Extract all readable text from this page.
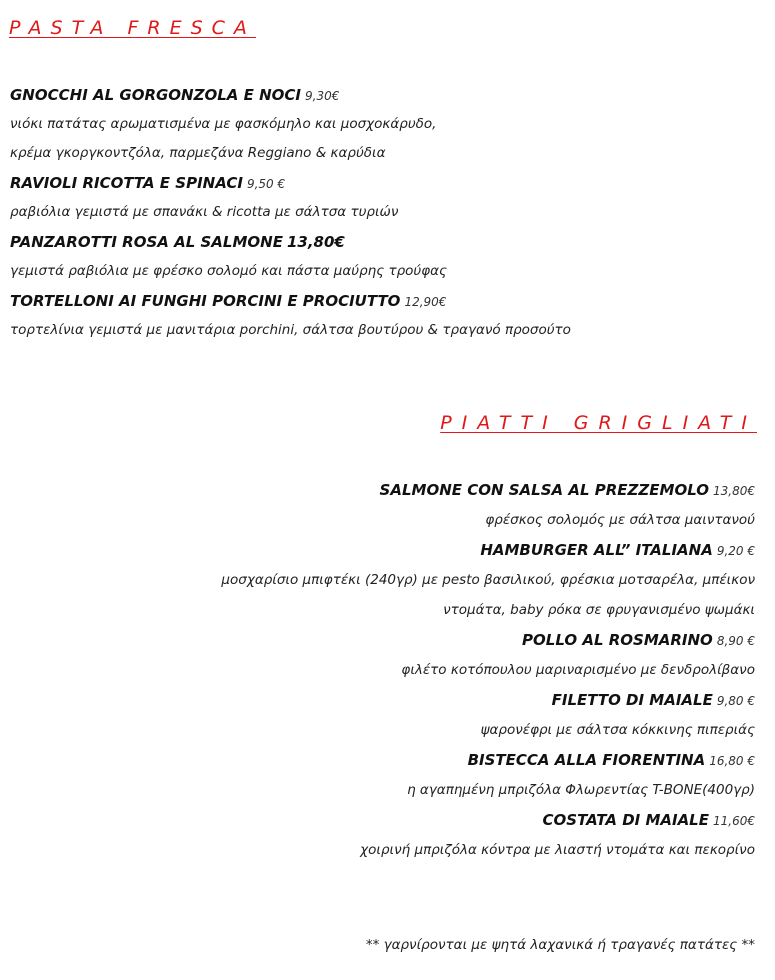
PASTA FRESCA
GNOCCHI AL GORGONZOLA E NOCI 9,30€
νιόκι πατάτας αρωματισμένα με φασκόμηλο και μοσχοκάρυδο,
κρέμα γκοργκοντζόλα, παρμεζάνα Reggiano & καρύδια
RAVIOLI RICOTTA E SPINACI 9,50 €
ραβιόλια γεμιστά με σπανάκι & ricotta με σάλτσα τυριών
PANZAROTTI ROSA AL SALMONE 13,80€
γεμιστά ραβιόλια με φρέσκο σολομό και πάστα μαύρης τρούφας
TORTELLONI AI FUNGHI PORCINI E PROCIUTTO 12,90€
τορτελίνια γεμιστά με μανιτάρια porchini, σάλτσα βουτύρου & τραγανό προσούτο
PIATTI GRIGLIATI
SALMONE CON SALSA AL PREZZEMOLO 13,80€
φρέσκος σολομός με σάλτσα μαιντανού
HAMBURGER ALL” ITALIANA 9,20 €
μοσχαρίσιο μπιφτέκι (240γρ) με pesto βασιλικού, φρέσκια μοτσαρέλα, μπέικον
ντομάτα, baby ρόκα σε φρυγανισμένο ψωμάκι
POLLO AL ROSMARINO 8,90 €
φιλέτο κοτόπουλου μαριναρισμένο με δενδρολίβανο
FILETTO DI MAIALE 9,80 €
ψαρονέφρι με σάλτσα κόκκινης πιπεριάς
BISTECCA ALLA FIORENTINA 16,80 €
η αγαπημένη μπριζόλα Φλωρεντίας T-BONE(400γρ)
COSTATA DI MAIALE 11,60€
χοιρινή μπριζόλα κόντρα με λιαστή ντομάτα και πεκορίνο

** γαρνίρονται με ψητά λαχανικά ή τραγανές πατάτες **
